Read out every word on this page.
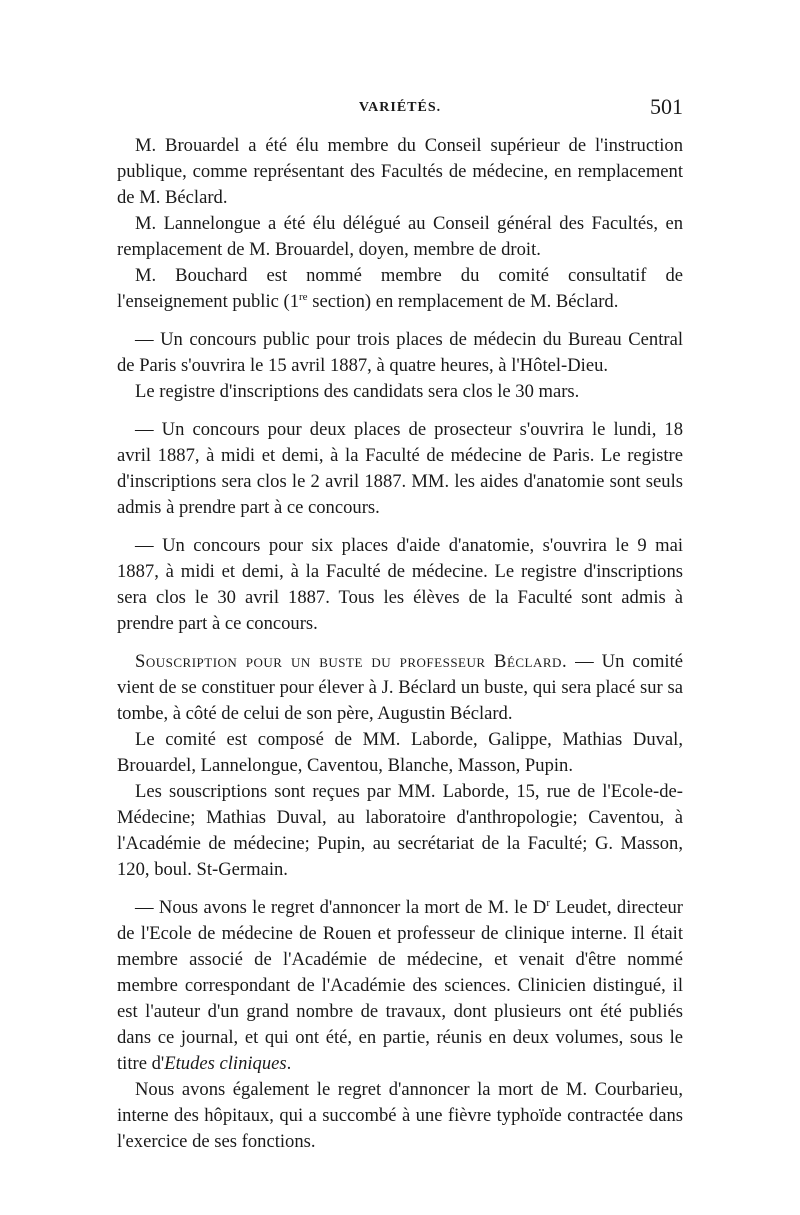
VARIÉTÉS.	501

M. Brouardel a été élu membre du Conseil supérieur de l'instruction publique, comme représentant des Facultés de médecine, en remplacement de M. Béclard.

M. Lannelongue a été élu délégué au Conseil général des Facultés, en remplacement de M. Brouardel, doyen, membre de droit.

M. Bouchard est nommé membre du comité consultatif de l'enseignement public (1re section) en remplacement de M. Béclard.

— Un concours public pour trois places de médecin du Bureau Central de Paris s'ouvrira le 15 avril 1887, à quatre heures, à l'Hôtel-Dieu.

Le registre d'inscriptions des candidats sera clos le 30 mars.

— Un concours pour deux places de prosecteur s'ouvrira le lundi, 18 avril 1887, à midi et demi, à la Faculté de médecine de Paris. Le registre d'inscriptions sera clos le 2 avril 1887. MM. les aides d'anatomie sont seuls admis à prendre part à ce concours.

— Un concours pour six places d'aide d'anatomie, s'ouvrira le 9 mai 1887, à midi et demi, à la Faculté de médecine. Le registre d'inscriptions sera clos le 30 avril 1887. Tous les élèves de la Faculté sont admis à prendre part à ce concours.

Souscription pour un buste du professeur Béclard. — Un comité vient de se constituer pour élever à J. Béclard un buste, qui sera placé sur sa tombe, à côté de celui de son père, Augustin Béclard.

Le comité est composé de MM. Laborde, Galippe, Mathias Duval, Brouardel, Lannelongue, Caventou, Blanche, Masson, Pupin.

Les souscriptions sont reçues par MM. Laborde, 15, rue de l'Ecole-de-Médecine; Mathias Duval, au laboratoire d'anthropologie; Caventou, à l'Académie de médecine; Pupin, au secrétariat de la Faculté; G. Masson, 120, boul. St-Germain.

— Nous avons le regret d'annoncer la mort de M. le $D^r$ Leudet, directeur de l'Ecole de médecine de Rouen et professeur de clinique interne. Il était membre associé de l'Académie de médecine, et venait d'être nommé membre correspondant de l'Académie des sciences. Clinicien distingué, il est l'auteur d'un grand nombre de travaux, dont plusieurs ont été publiés dans ce journal, et qui ont été, en partie, réunis en deux volumes, sous le titre d'Etudes cliniques.

Nous avons également le regret d'annoncer la mort de M. Courbarieu, interne des hôpitaux, qui a succombé à une fièvre typhoïde contractée dans l'exercice de ses fonctions.
